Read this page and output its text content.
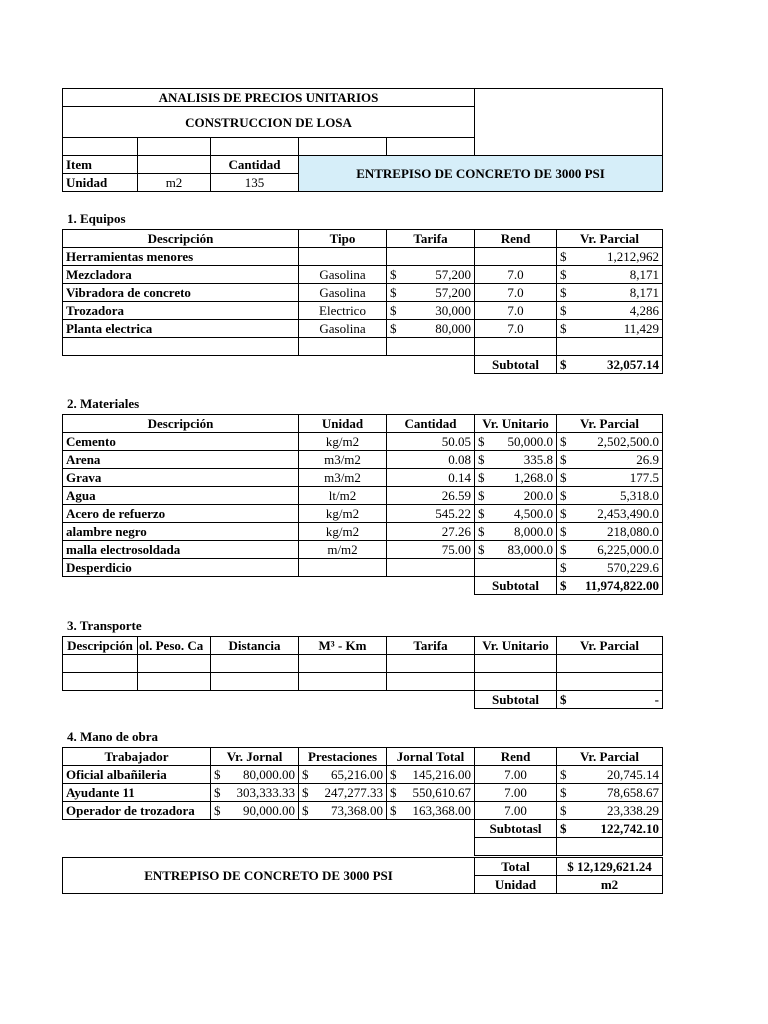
ANALISIS DE PRECIOS UNITARIOS					
CONSTRUCCION DE LOSA					

Item		Cantidad	ENTREPISO DE CONCRETO DE 3000 PSI		
Unidad	m2	135			
1. Equipos
Descripción	Tipo	Tarifa	Rend	Vr. Parcial
Herramientas menores				$ 1,212,962

Mezcladora	Gasolina	$ 57,200	7.0	$ 8,171

Vibradora de concreto	Gasolina	$ 57,200	7.0	$ 8,171

Trozadora	Electrico	$ 30,000	7.0	$ 4,286

Planta electrica	Gasolina	$ 80,000	7.0	$ 11,429

			Subtotal	$ 32,057.14
2. Materiales
Descripción	Unidad	Cantidad	Vr. Unitario	Vr. Parcial
Cemento	kg/m2	50.05	$ 50,000.0	$ 2,502,500.0

Arena	m3/m2	0.08	$ 335.8	$ 26.9

Grava	m3/m2	0.14	$ 1,268.0	$ 177.5

Agua	lt/m2	26.59	$ 200.0	$ 5,318.0

Acero de refuerzo	kg/m2	545.22	$ 4,500.0	$ 2,453,490.0

alambre negro	kg/m2	27.26	$ 8,000.0	$ 218,080.0

malla electrosoldada	m/m2	75.00	$ 83,000.0	$ 6,225,000.0

Desperdicio				$ 570,229.6

			Subtotal	$ 11,974,822.00
3. Transporte
Descripción	ol. Peso. Ca	Distancia	M³ - Km	Tarifa	Vr. Unitario	Vr. Parcial

					Subtotal	$ -
4. Mano de obra
Trabajador	Vr. Jornal	Prestaciones	Jornal Total	Rend	Vr. Parcial
Oficial albañileria	$ 80,000.00	$ 65,216.00	$ 145,216.00	7.00	$ 20,745.14

Ayudante 11	$ 303,333.33	$ 247,277.33	$ 550,610.67	7.00	$ 78,658.67

Operador de trozadora	$ 90,000.00	$ 73,368.00	$ 163,368.00	7.00	$ 23,338.29

				Subtotasl	$ 122,742.10

ENTREPISO DE CONCRETO DE 3000 PSI	Total	$ 12,129,621.24
	Unidad	m2
